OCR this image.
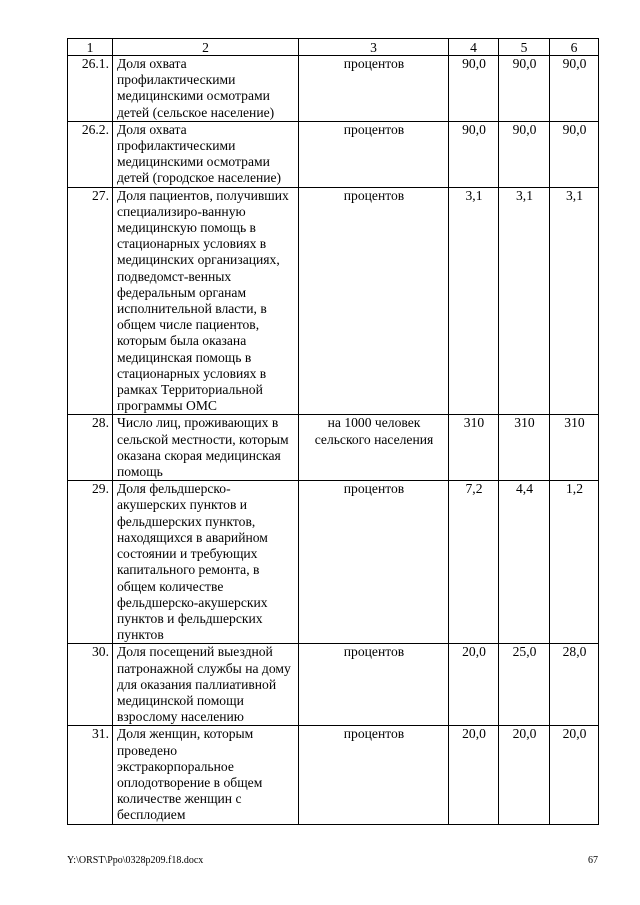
1	2	3	4	5	6
26.1.	Доля охвата профилактическими медицинскими осмотрами детей (сельское население)	процентов	90,0	90,0	90,0
26.2.	Доля охвата профилактическими медицинскими осмотрами детей (городское население)	процентов	90,0	90,0	90,0
27.	Доля пациентов, получивших специализиро-ванную медицинскую помощь в стационарных условиях в медицинских организациях, подведомст-венных федеральным органам исполнительной власти, в общем числе пациентов, которым была оказана медицинская помощь в стационарных условиях в рамках Территориальной программы ОМС	процентов	3,1	3,1	3,1
28.	Число лиц, проживающих в сельской местности, которым оказана скорая медицинская помощь	на 1000 человек сельского населения	310	310	310
29.	Доля фельдшерско-акушерских пунктов и фельдшерских пунктов, находящихся в аварийном состоянии и требующих капитального ремонта, в общем количестве фельдшерско-акушерских пунктов и фельдшерских пунктов	процентов	7,2	4,4	1,2
30.	Доля посещений выездной патронажной службы на дому для оказания паллиативной медицинской помощи взрослому населению	процентов	20,0	25,0	28,0
31.	Доля женщин, которым проведено экстракорпоральное оплодотворение в общем количестве женщин с бесплодием	процентов	20,0	20,0	20,0
Y:\ORST\Ppo\0328p209.f18.docx	67
